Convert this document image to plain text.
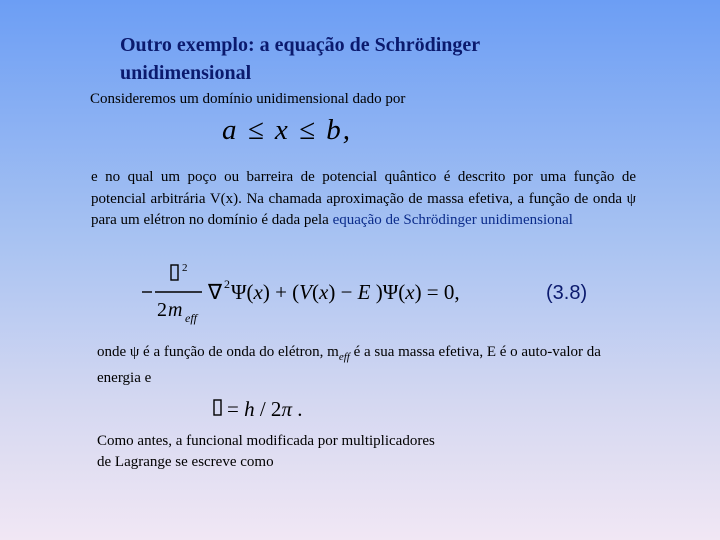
Outro exemplo: a equação de Schrödinger
unidimensional
Consideremos um domínio unidimensional dado por
a ≤ x ≤ b,
e no qual um poço ou barreira de potencial quântico é descrito por uma função de potencial arbitrária V(x). Na chamada aproximação de massa efetiva, a função de onda ψ para um elétron no domínio é dada pela equação de Schrödinger unidimensional
2
2 m eff
∇ 2 Ψ(x) + (V(x) − E )Ψ(x) = 0,	(3.8)
onde ψ é a função de onda do elétron, $m_{eff}$ é a sua massa efetiva, E é o auto-valor da energia e
= h / 2π .
Como antes, a funcional modificada por multiplicadores
de Lagrange se escreve como
